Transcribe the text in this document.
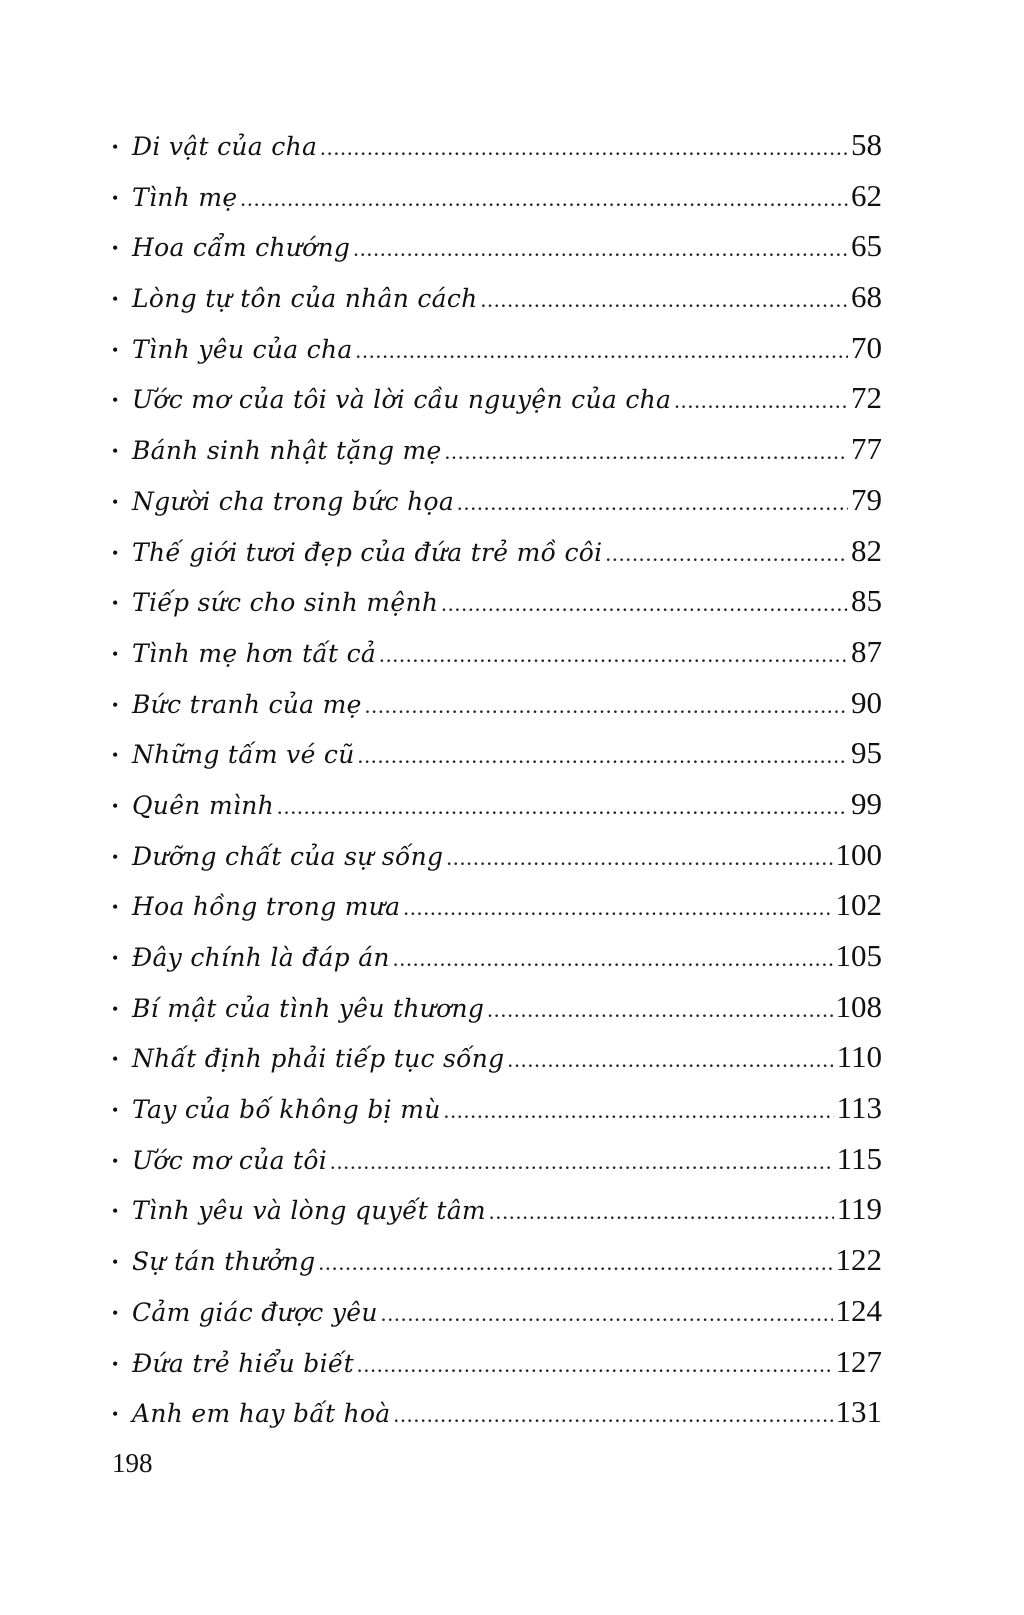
• Di vật của cha .....	58
• Tình mẹ .....	62
• Hoa cẩm chướng .....	65
• Lòng tự tôn của nhân cách .....	68
• Tình yêu của cha .....	70
• Ước mơ của tôi và lời cầu nguyện của cha .....	72
• Bánh sinh nhật tặng mẹ .....	77
• Người cha trong bức họa .....	79
• Thế giới tươi đẹp của đứa trẻ mồ côi .....	82
• Tiếp sức cho sinh mệnh .....	85
• Tình mẹ hơn tất cả .....	87
• Bức tranh của mẹ .....	90
• Những tấm vé cũ .....	95
• Quên mình .....	99
• Dưỡng chất của sự sống .....	100
• Hoa hồng trong mưa .....	102
• Đây chính là đáp án .....	105
• Bí mật của tình yêu thương .....	108
• Nhất định phải tiếp tục sống .....	110
• Tay của bố không bị mù .....	113
• Ước mơ của tôi .....	115
• Tình yêu và lòng quyết tâm .....	119
• Sự tán thưởng .....	122
• Cảm giác được yêu .....	124
• Đứa trẻ hiểu biết .....	127
• Anh em hay bất hoà .....	131
198
